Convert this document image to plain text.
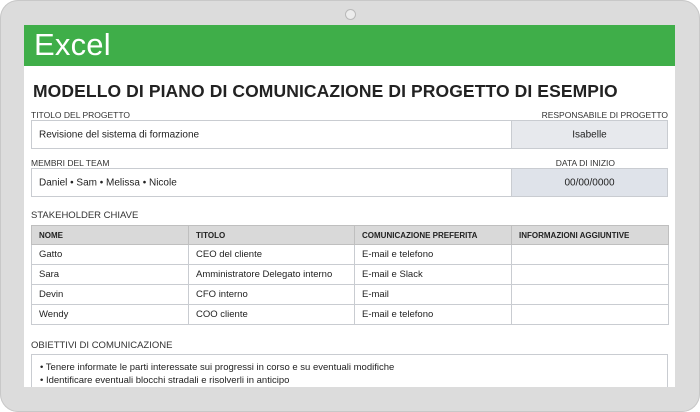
Excel
MODELLO DI PIANO DI COMUNICAZIONE DI PROGETTO DI ESEMPIO
TITOLO DEL PROGETTO	RESPONSABILE DI PROGETTO
Revisione del sistema di formazione	Isabelle
MEMBRI DEL TEAM	DATA DI INIZIO
Daniel • Sam • Melissa • Nicole	00/00/0000
STAKEHOLDER CHIAVE
NOME	TITOLO	COMUNICAZIONE PREFERITA	INFORMAZIONI AGGIUNTIVE
Gatto	CEO del cliente	E-mail e telefono	
Sara	Amministratore Delegato interno	E-mail e Slack	
Devin	CFO interno	E-mail	
Wendy	COO cliente	E-mail e telefono	
OBIETTIVI DI COMUNICAZIONE
• Tenere informate le parti interessate sui progressi in corso e su eventuali modifiche
• Identificare eventuali blocchi stradali e risolverli in anticipo
